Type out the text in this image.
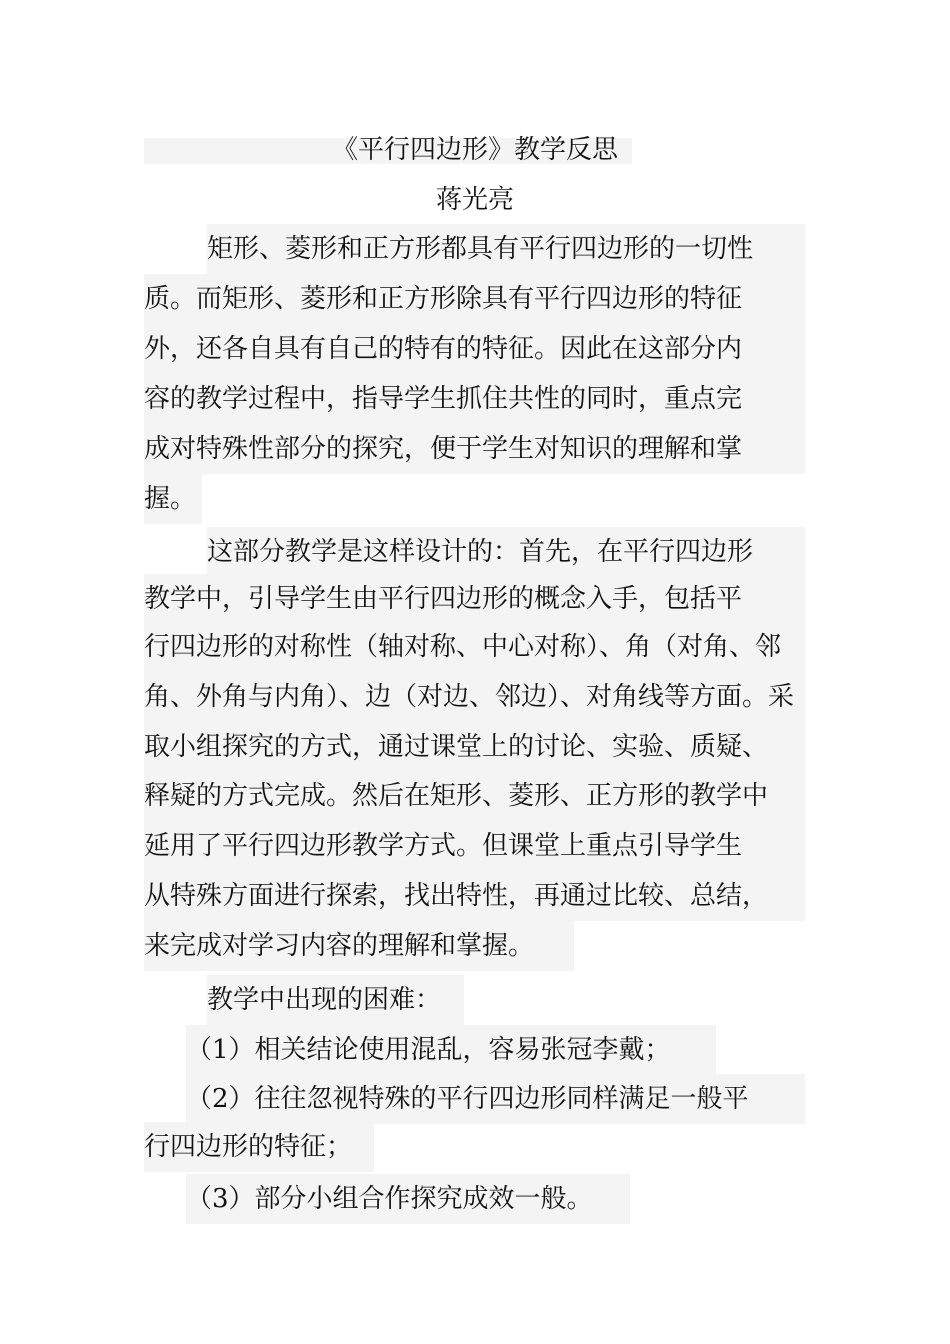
《平行四边形》教学反思
蒋光亮
矩形、菱形和正方形都具有平行四边形的一切性
质。而矩形、菱形和正方形除具有平行四边形的特征
外，还各自具有自己的特有的特征。因此在这部分内
容的教学过程中，指导学生抓住共性的同时，重点完
成对特殊性部分的探究，便于学生对知识的理解和掌
握。
这部分教学是这样设计的：首先，在平行四边形
教学中，引导学生由平行四边形的概念入手，包括平
行四边形的对称性（轴对称、中心对称）、角（对角、邻
角、外角与内角）、边（对边、邻边）、对角线等方面。采
取小组探究的方式，通过课堂上的讨论、实验、质疑、
释疑的方式完成。然后在矩形、菱形、正方形的教学中
延用了平行四边形教学方式。但课堂上重点引导学生
从特殊方面进行探索，找出特性，再通过比较、总结，
来完成对学习内容的理解和掌握。
教学中出现的困难：
（1）相关结论使用混乱，容易张冠李戴；
（2）往往忽视特殊的平行四边形同样满足一般平
行四边形的特征；
（3）部分小组合作探究成效一般。
